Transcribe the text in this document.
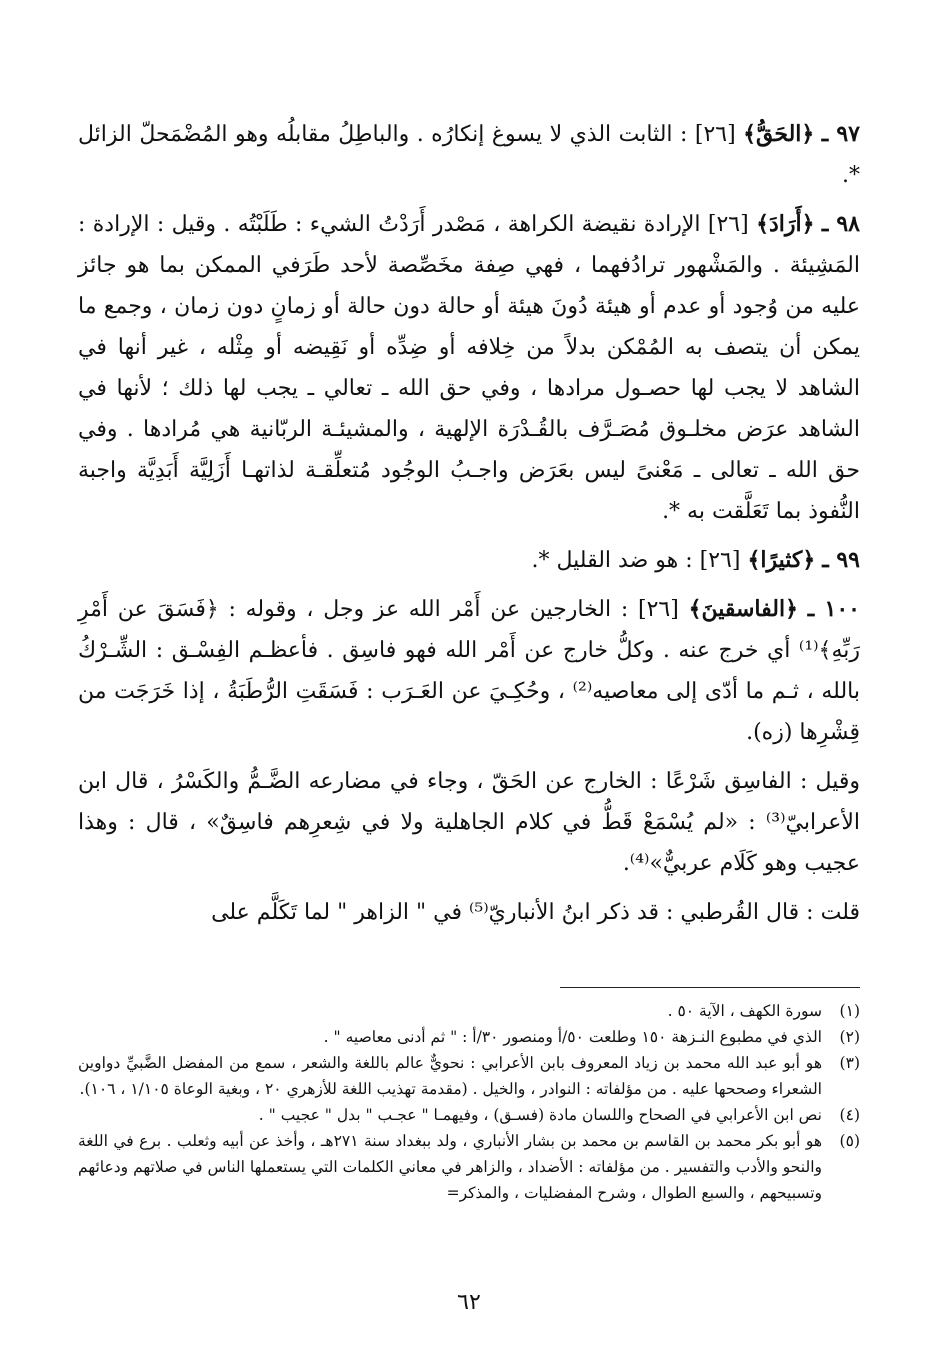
٩٧ ـ ﴿الحَقُّ﴾ [٢٦] : الثابت الذي لا يسوغ إنكارُه . والباطِلُ مقابلُه وهو المُضْمَحلّ الزائل *.

٩٨ ـ ﴿أَرَادَ﴾ [٢٦] الإرادة نقيضة الكراهة ، مَصْدر أَرَدْتُ الشيء : طَلَبْتُه . وقيل : الإرادة : المَشِيئة . والمَشْهور ترادُفهما ، فهي صِفة مخَصِّصة لأحد طَرَفي الممكن بما هو جائز عليه من وُجود أو عدم أو هيئة دُونَ هيئة أو حالة دون حالة أو زمانٍ دون زمان ، وجمع ما يمكن أن يتصف به المُمْكن بدلاً من خِلافه أو ضِدِّه أو نَقِيضه أو مِثْله ، غير أنها في الشاهد لا يجب لها حصـول مرادها ، وفي حق الله ـ تعالي ـ يجب لها ذلك ؛ لأنها في الشاهد عرَض مخلـوق مُصَـرَّف بالقُـدْرَة الإلهية ، والمشيئـة الربّانية هي مُرادها . وفي حق الله ـ تعالى ـ مَعْنىً ليس بعَرَض واجـبُ الوجُود مُتعلِّقـة لذاتهـا أَزَلِيَّة أَبَدِيَّة واجبة النُّفوذ بما تَعَلَّقت به *.

٩٩ ـ ﴿كثيرًا﴾ [٢٦] : هو ضد القليل *.

١٠٠ ـ ﴿الفاسقينَ﴾ [٢٦] : الخارجين عن أَمْر الله عز وجل ، وقوله : ﴿فَسَقَ عن أَمْرِ رَبِّهِ﴾⁽¹⁾ أي خرج عنه . وكلُّ خارج عن أَمْر الله فهو فاسِق . فأعظـم الفِسْـق : الشِّـرْكُ بالله ، ثـم ما أدّى إلى معاصيه⁽²⁾ ، وحُكِـيَ عن العَـرَب : فَسَقَتِ الرُّطَبَةُ ، إذا خَرَجَت من قِشْرِها (زه).

وقيل : الفاسِق شَرْعًا : الخارج عن الحَقّ ، وجاء في مضارعه الضَّـمُّ والكَسْرُ ، قال ابن الأعرابيّ⁽³⁾ : «لم يُسْمَعْ قَطُّ في كلام الجاهلية ولا في شِعرِهم فاسِقٌ» ، قال : وهذا عجيب وهو كَلَام عربيٌّ»⁽⁴⁾.

قلت : قال القُرطبي : قد ذكر ابنُ الأنباريّ⁽⁵⁾ في " الزاهر " لما تَكَلَّم على

(١)
سورة الكهف ، الآية ٥٠ .
(٢)
الذي في مطبوع النـزهة ١٥٠ وطلعت ٥٠/أ ومنصور ٣٠/أ : " ثم أدنى معاصيه " .
(٣)
هو أبو عبد الله محمد بن زياد المعروف بابن الأعرابي : نحويٌّ عالم باللغة والشعر ، سمع من المفضل الضَّبيِّ دواوين الشعراء وصححها عليه . من مؤلفاته : النوادر ، والخيل . (مقدمة تهذيب اللغة للأزهري ٢٠ ، وبغية الوعاة ١/١٠٥ ، ١٠٦).
(٤)
نص ابن الأعرابي في الصحاح واللسان مادة (فسـق) ، وفيهمـا " عجـب " بدل " عجيب " .
(٥)
هو أبو بكر محمد بن القاسم بن محمد بن بشار الأنباري ، ولد ببغداد سنة ٢٧١هـ ، وأخذ عن أبيه وثعلب . برع في اللغة والنحو والأدب والتفسير . من مؤلفاته : الأضداد ، والزاهر في معاني الكلمات التي يستعملها الناس في صلاتهم ودعائهم وتسبيحهم ، والسبع الطوال ، وشرح المفضليات ، والمذكر=
٦٢
